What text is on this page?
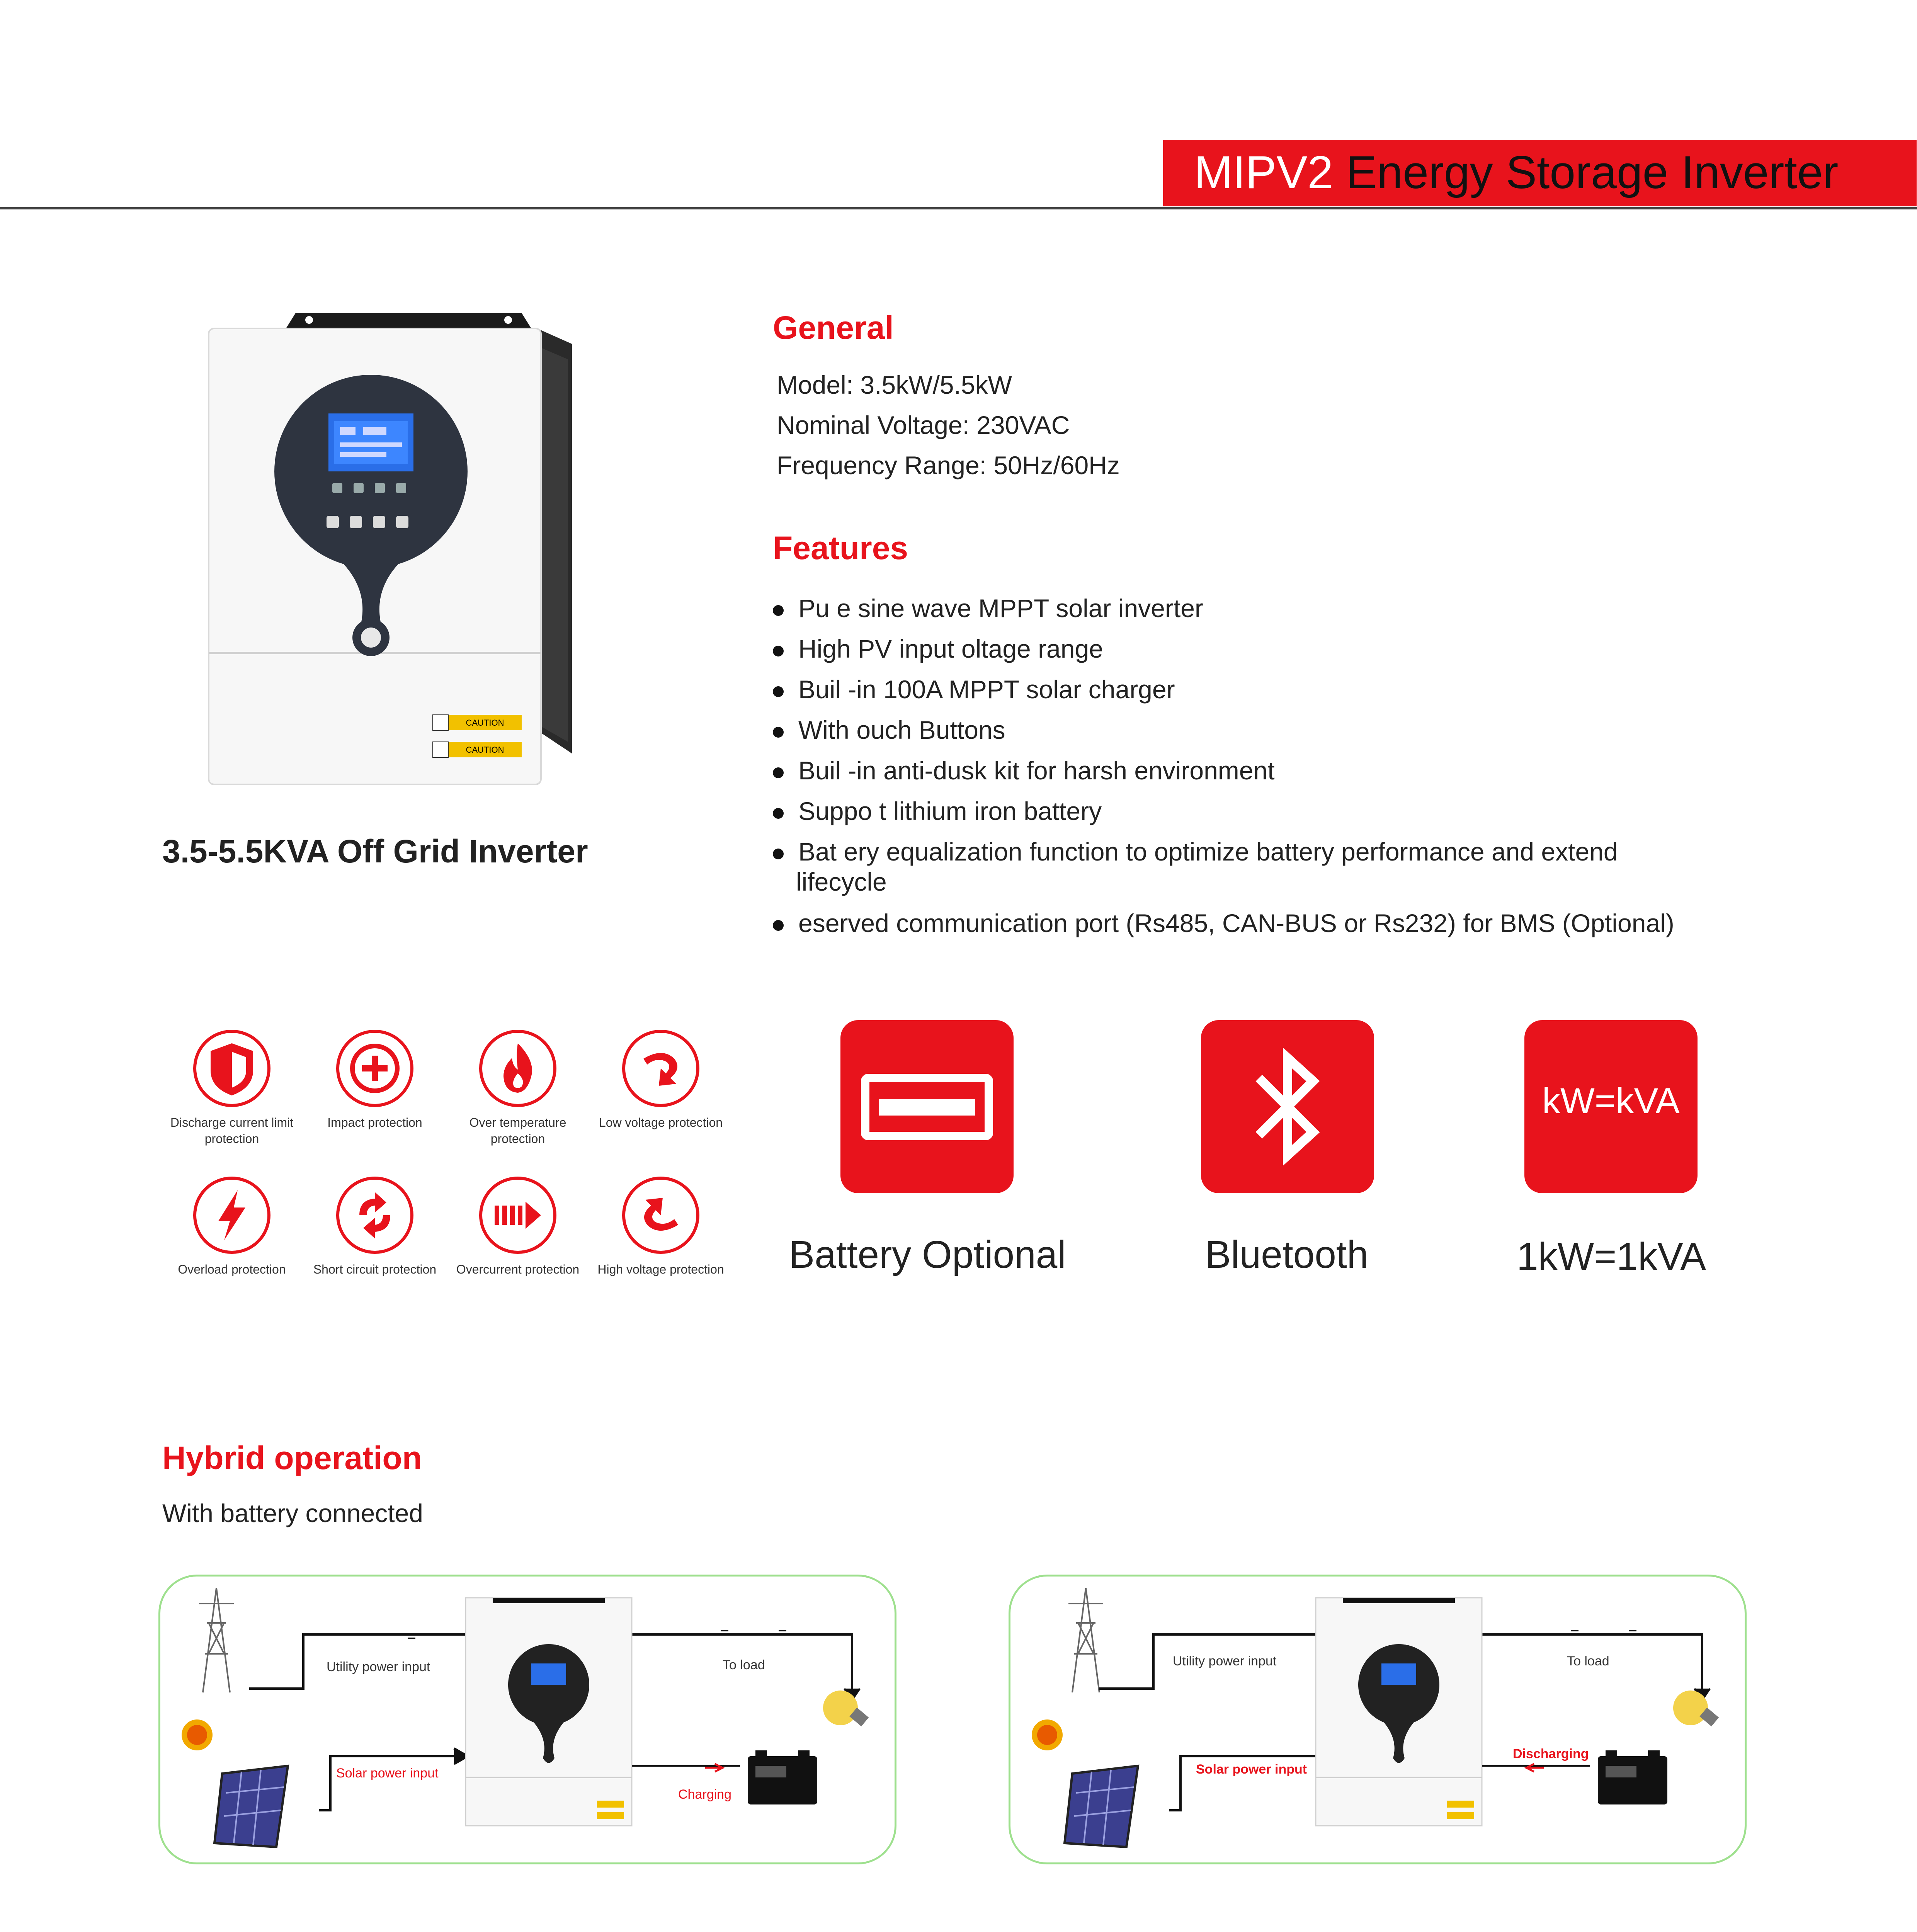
MIPV2 Energy Storage Inverter
CAUTION
CAUTION
3.5-5.5KVA Off Grid Inverter
General
Model: 3.5kW/5.5kW
Nominal Voltage: 230VAC
Frequency Range: 50Hz/60Hz
Features
Pu e sine wave MPPT solar inverter
High PV input oltage range
Buil -in 100A MPPT solar charger
With ouch Buttons
Buil -in anti-dusk kit for harsh environment
Suppo t lithium iron battery
Bat ery equalization function to optimize battery performance and extend
lifecycle
eserved communication port (Rs485, CAN-BUS or Rs232) for BMS (Optional)
Discharge current limit protection
Impact protection	Over temperature protection
Low voltage protection
Overload protection	Short circuit protection	Overcurrent protection	High voltage protection Battery Optional	Bluetooth
kW=kVA
1kW=1kVA
Hybrid operation
With battery connected
Utility power input
Solar power input
To load
Charging
Utility power input
Solar power input
To load
Discharging
